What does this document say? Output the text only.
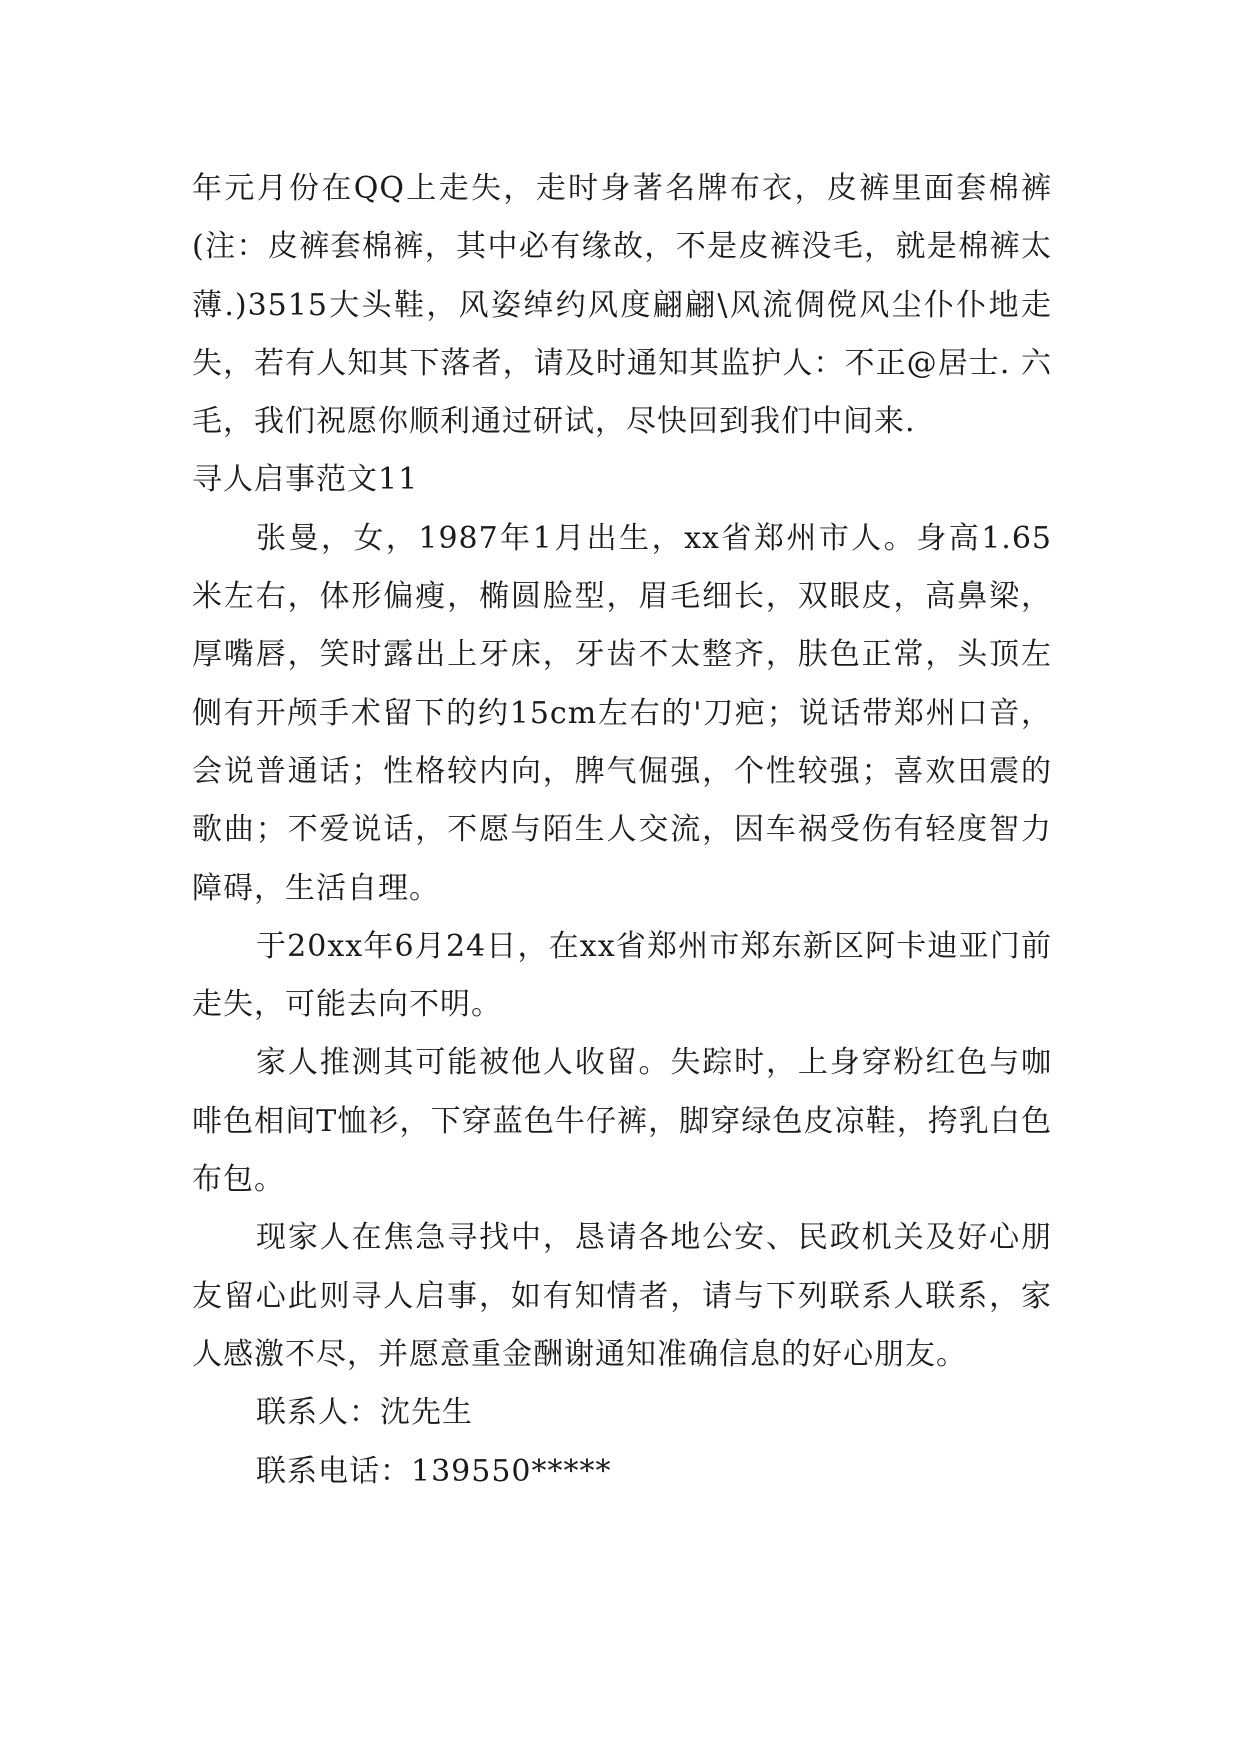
年元月份在QQ上走失，走时身著名牌布衣，皮裤里面套棉裤(注：皮裤套棉裤，其中必有缘故，不是皮裤没毛，就是棉裤太薄.)3515大头鞋，风姿绰约风度翩翩\风流倜傥风尘仆仆地走失，若有人知其下落者，请及时通知其监护人：不正@居士. 六毛，我们祝愿你顺利通过研试，尽快回到我们中间来.

寻人启事范文11

张曼，女，1987年1月出生，xx省郑州市人。身高1.65米左右，体形偏瘦，椭圆脸型，眉毛细长，双眼皮，高鼻梁，厚嘴唇，笑时露出上牙床，牙齿不太整齐，肤色正常，头顶左侧有开颅手术留下的约15cm左右的'刀疤；说话带郑州口音，会说普通话；性格较内向，脾气倔强，个性较强；喜欢田震的歌曲；不爱说话，不愿与陌生人交流，因车祸受伤有轻度智力障碍，生活自理。

于20xx年6月24日，在xx省郑州市郑东新区阿卡迪亚门前走失，可能去向不明。

家人推测其可能被他人收留。失踪时，上身穿粉红色与咖啡色相间T恤衫，下穿蓝色牛仔裤，脚穿绿色皮凉鞋，挎乳白色布包。

现家人在焦急寻找中，恳请各地公安、民政机关及好心朋友留心此则寻人启事，如有知情者，请与下列联系人联系，家人感激不尽，并愿意重金酬谢通知准确信息的好心朋友。

联系人：沈先生

联系电话：139550*****
